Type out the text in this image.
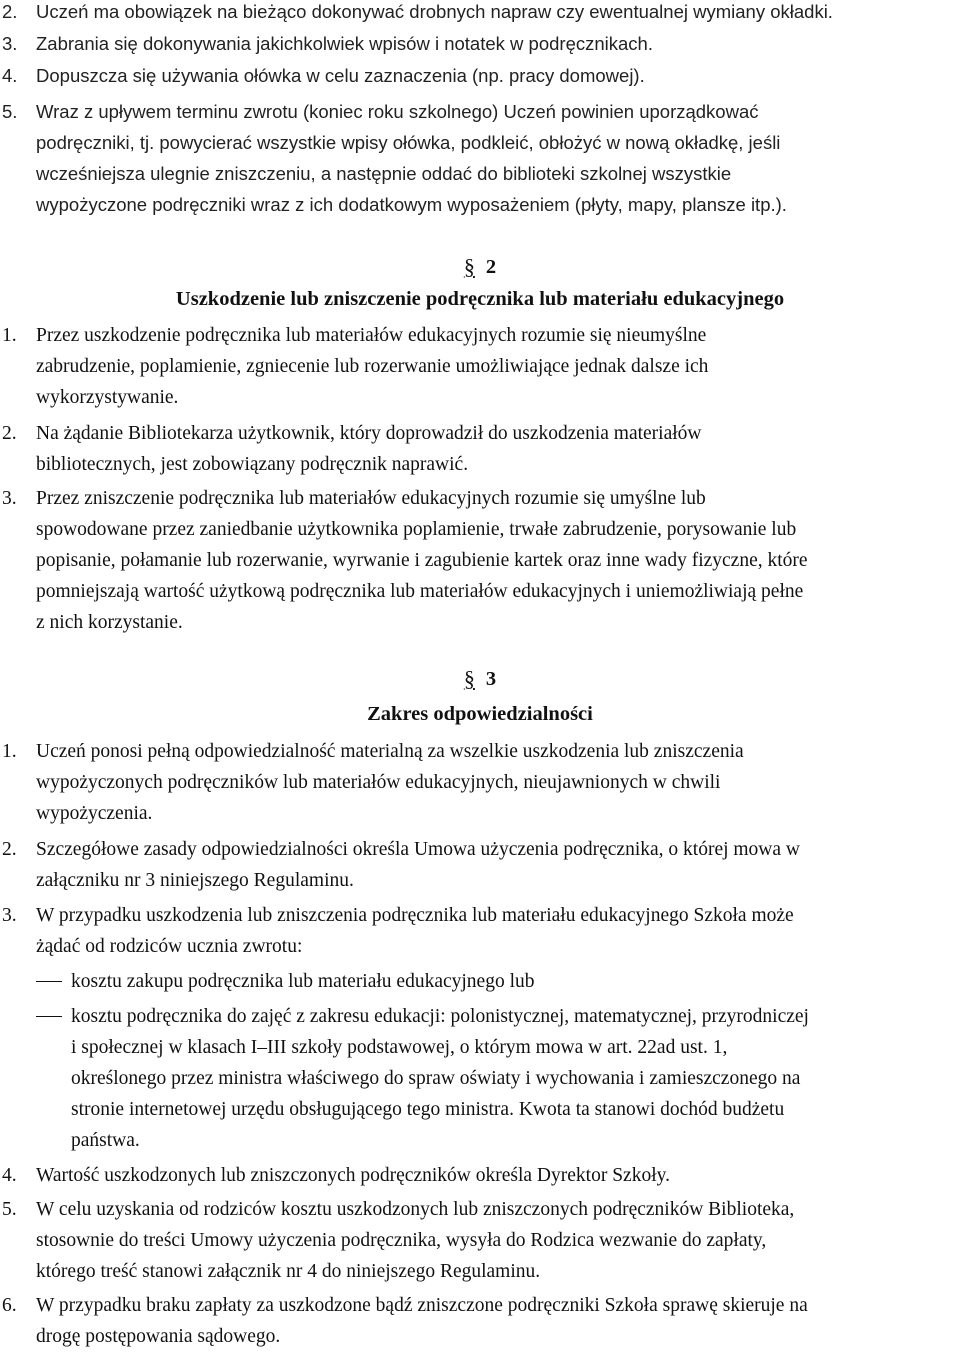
2. Uczeń ma obowiązek na bieżąco dokonywać drobnych napraw czy ewentualnej wymiany okładki.
3. Zabrania się dokonywania jakichkolwiek wpisów i notatek w podręcznikach.
4. Dopuszcza się używania ołówka w celu zaznaczenia (np. pracy domowej).
5. Wraz z upływem terminu zwrotu (koniec roku szkolnego) Uczeń powinien uporządkować
podręczniki, tj. powycierać wszystkie wpisy ołówka, podkleić, obłożyć w nową okładkę, jeśli
wcześniejsza ulegnie zniszczeniu, a następnie oddać do biblioteki szkolnej wszystkie
wypożyczone podręczniki wraz z ich dodatkowym wyposażeniem (płyty, mapy, plansze itp.).
§ 2
Uszkodzenie lub zniszczenie podręcznika lub materiału edukacyjnego
1. Przez uszkodzenie podręcznika lub materiałów edukacyjnych rozumie się nieumyślne
zabrudzenie, poplamienie, zgniecenie lub rozerwanie umożliwiające jednak dalsze ich
wykorzystywanie.
2. Na żądanie Bibliotekarza użytkownik, który doprowadził do uszkodzenia materiałów
bibliotecznych, jest zobowiązany podręcznik naprawić.
3. Przez zniszczenie podręcznika lub materiałów edukacyjnych rozumie się umyślne lub
spowodowane przez zaniedbanie użytkownika poplamienie, trwałe zabrudzenie, porysowanie lub
popisanie, połamanie lub rozerwanie, wyrwanie i zagubienie kartek oraz inne wady fizyczne, które
pomniejszają wartość użytkową podręcznika lub materiałów edukacyjnych i uniemożliwiają pełne
z nich korzystanie.
§ 3
Zakres odpowiedzialności
1. Uczeń ponosi pełną odpowiedzialność materialną za wszelkie uszkodzenia lub zniszczenia
wypożyczonych podręczników lub materiałów edukacyjnych, nieujawnionych w chwili
wypożyczenia.
2. Szczegółowe zasady odpowiedzialności określa Umowa użyczenia podręcznika, o której mowa w
załączniku nr 3 niniejszego Regulaminu.
3. W przypadku uszkodzenia lub zniszczenia podręcznika lub materiału edukacyjnego Szkoła może
żądać od rodziców ucznia zwrotu:
kosztu zakupu podręcznika lub materiału edukacyjnego lub
kosztu podręcznika do zajęć z zakresu edukacji: polonistycznej, matematycznej, przyrodniczej
i społecznej w klasach I–III szkoły podstawowej, o którym mowa w art. 22ad ust. 1,
określonego przez ministra właściwego do spraw oświaty i wychowania i zamieszczonego na
stronie internetowej urzędu obsługującego tego ministra. Kwota ta stanowi dochód budżetu
państwa.
4. Wartość uszkodzonych lub zniszczonych podręczników określa Dyrektor Szkoły.
5. W celu uzyskania od rodziców kosztu uszkodzonych lub zniszczonych podręczników Biblioteka,
stosownie do treści Umowy użyczenia podręcznika, wysyła do Rodzica wezwanie do zapłaty,
którego treść stanowi załącznik nr 4 do niniejszego Regulaminu.
6. W przypadku braku zapłaty za uszkodzone bądź zniszczone podręczniki Szkoła sprawę skieruje na
drogę postępowania sądowego.
